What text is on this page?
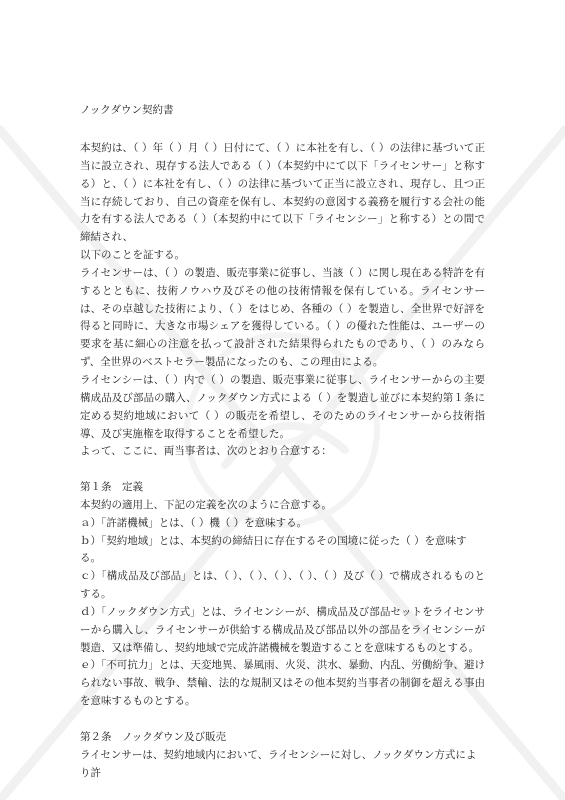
ノックダウン契約書

本契約は、（ ）年（ ）月（ ）日付にて、（ ）に本社を有し、（ ）の法律に基づいて正当に設立され、現存する法人である（ ）（本契約中にて以下「ライセンサー」と称する）と、（ ）に本社を有し、（ ）の法律に基づいて正当に設立され、現存し、且つ正当に存続しており、自己の資産を保有し、本契約の意図する義務を履行する会社の能力を有する法人である（ ）（本契約中にて以下「ライセンシー」と称する）との間で締結され、

以下のことを証する。

ライセンサーは、（ ）の製造、販売事業に従事し、当該（ ）に関し現在ある特許を有するとともに、技術ノウハウ及びその他の技術情報を保有している。ライセンサーは、その卓越した技術により、（ ）をはじめ、各種の（ ）を製造し、全世界で好評を得ると同時に、大きな市場シェアを獲得している。（ ）の優れた性能は、ユーザーの要求を基に細心の注意を払って設計された結果得られたものであり、（ ）のみならず、全世界のベストセラー製品になったのも、この理由による。

ライセンシーは、（ ）内で（ ）の製造、販売事業に従事し、ライセンサーからの主要構成品及び部品の購入、ノックダウン方式による（ ）を製造し並びに本契約第１条に定める契約地域において（ ）の販売を希望し、そのためのライセンサーから技術指導、及び実施権を取得することを希望した。

よって、ここに、両当事者は、次のとおり合意する：

第１条　定義

本契約の適用上、下記の定義を次のように合意する。

ａ）「許諾機械」とは、（ ）機（ ）を意味する。

ｂ）「契約地域」とは、本契約の締結日に存在するその国境に従った（ ）を意味する。

ｃ）「構成品及び部品」とは、（ ）、（ ）、（ ）、（ ）、（ ）及び（ ）で構成されるものとする。

ｄ）「ノックダウン方式」とは、ライセンシーが、構成品及び部品セットをライセンサーから購入し、ライセンサーが供給する構成品及び部品以外の部品をライセンシーが製造、又は準備し、契約地域で完成許諾機械を製造することを意味するものとする。

ｅ）「不可抗力」とは、天変地異、暴風雨、火災、洪水、暴動、内乱、労働紛争、避けられない事故、戦争、禁輸、法的な規制又はその他本契約当事者の制御を超える事由を意味するものとする。

第２条　ノックダウン及び販売

ライセンサーは、契約地域内において、ライセンシーに対し、ノックダウン方式により許
